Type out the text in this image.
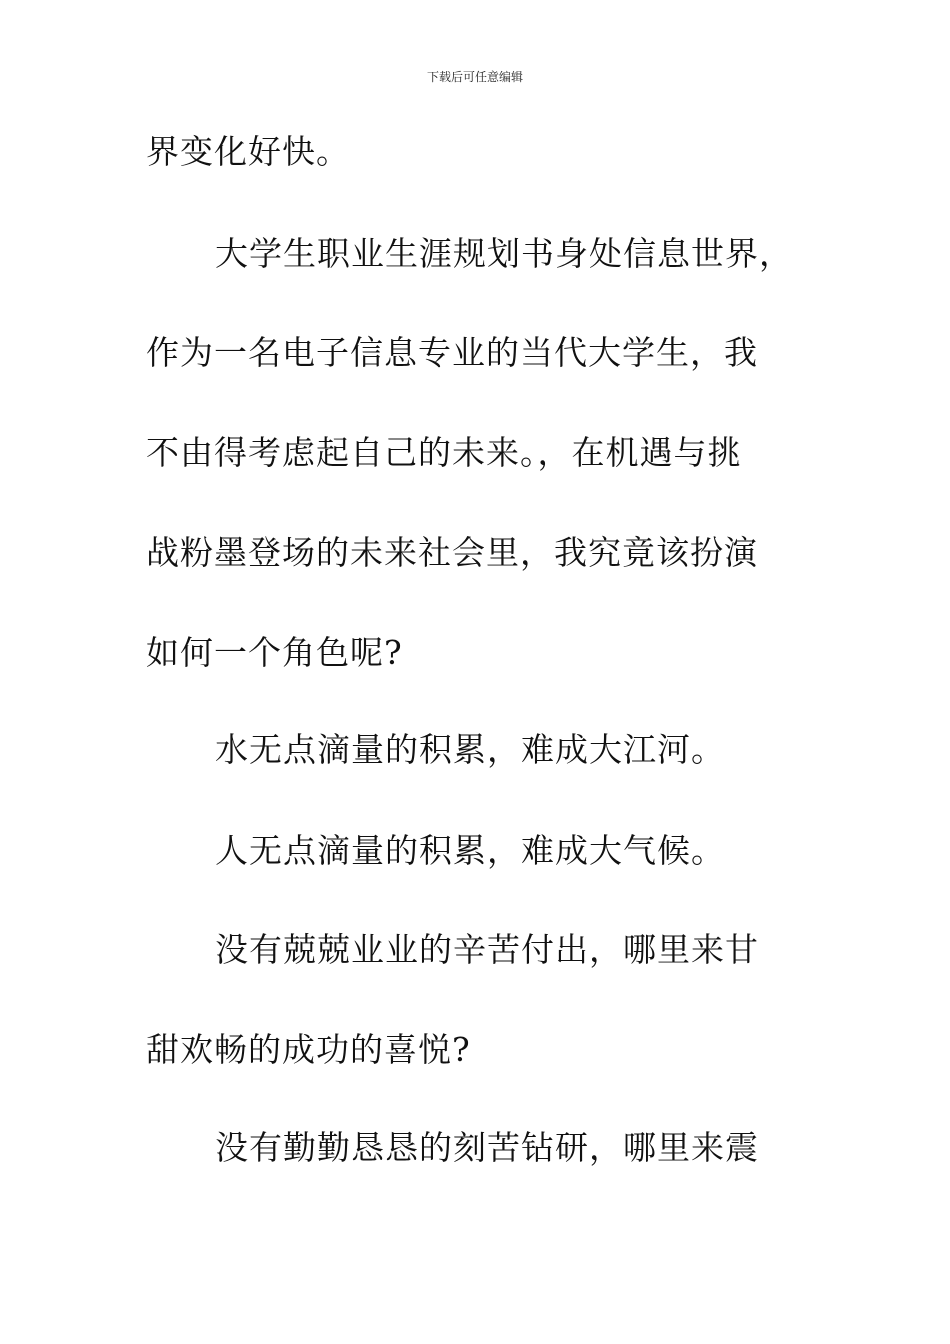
下载后可任意编辑
界变化好快。
大学生职业生涯规划书身处信息世界，
作为一名电子信息专业的当代大学生，我
不由得考虑起自己的未来。，在机遇与挑
战粉墨登场的未来社会里，我究竟该扮演
如何一个角色呢?
水无点滴量的积累，难成大江河。
人无点滴量的积累，难成大气候。
没有兢兢业业的辛苦付出，哪里来甘
甜欢畅的成功的喜悦?
没有勤勤恳恳的刻苦钻研，哪里来震
